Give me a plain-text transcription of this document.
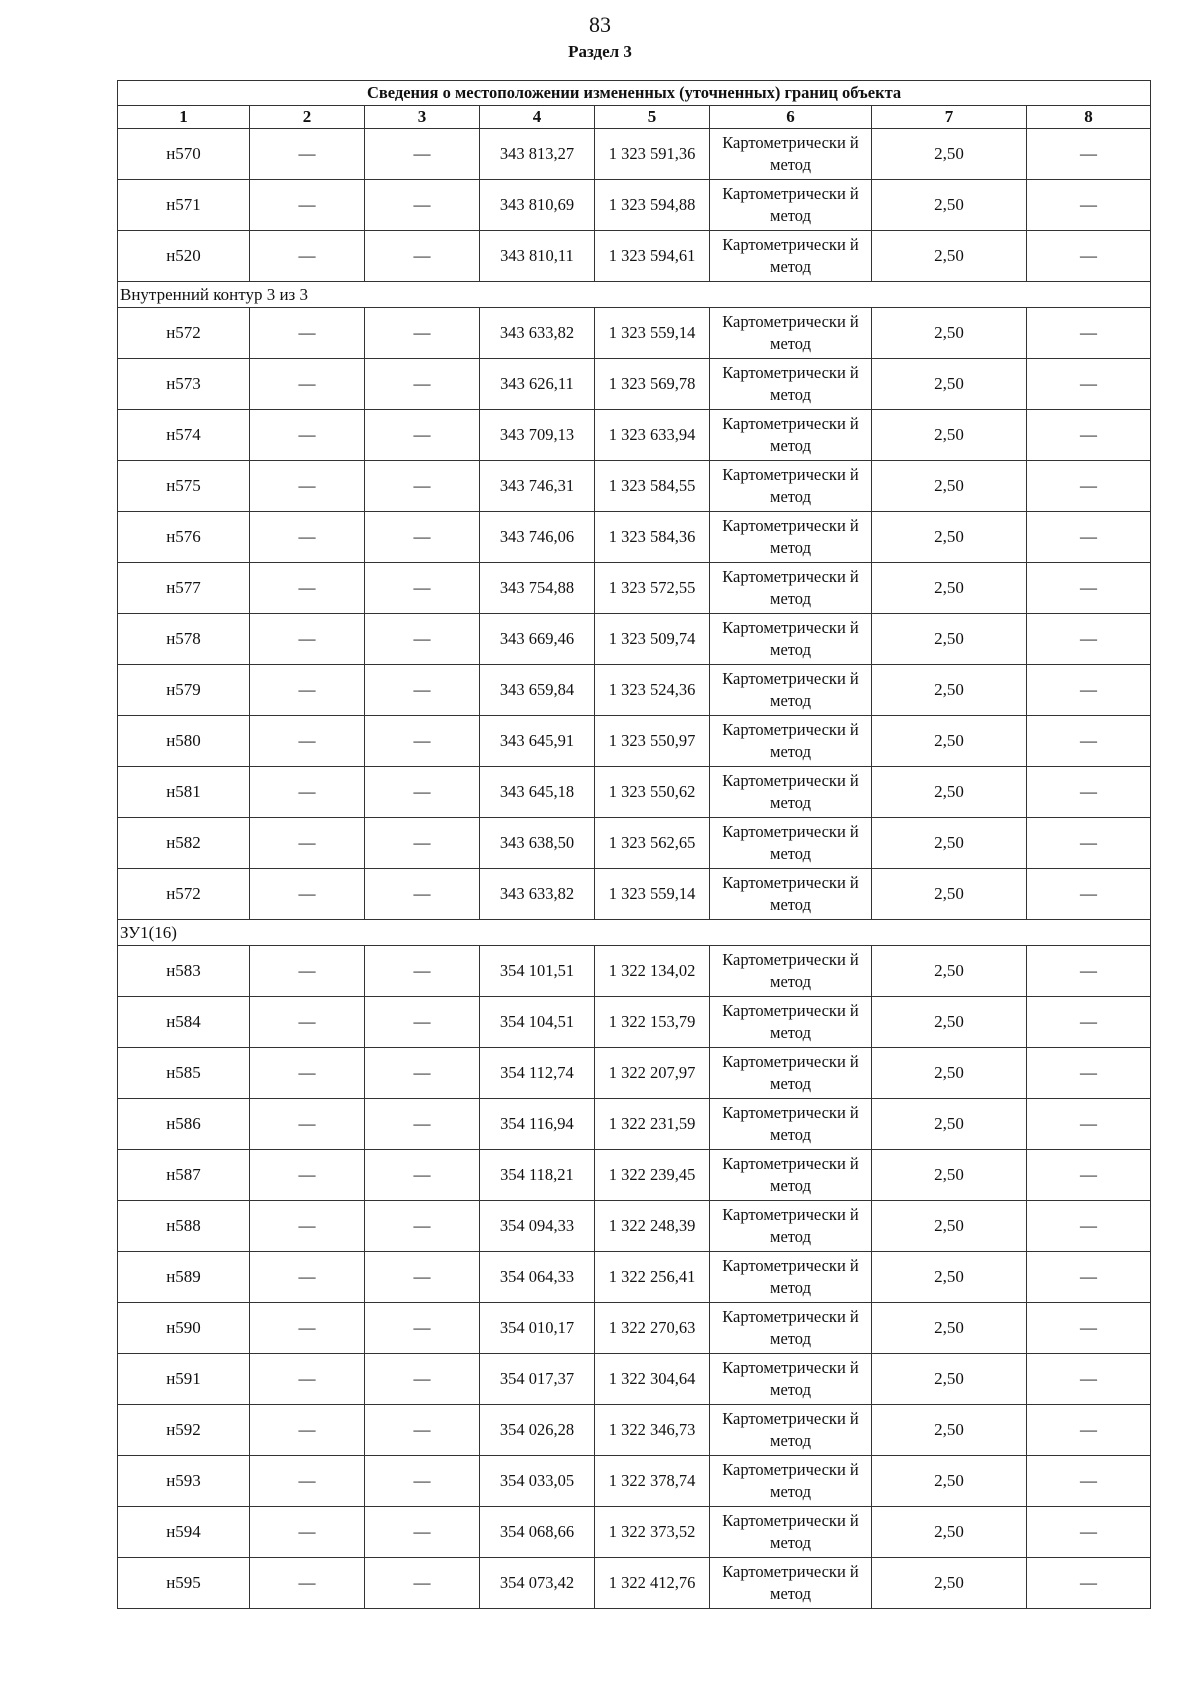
83
Раздел 3
Сведения о местоположении измененных (уточненных) границ объекта							
1	2	3	4	5	6	7	8
н570	—	—	343 813,27	1 323 591,36	Картометрически й метод	2,50	—
н571	—	—	343 810,69	1 323 594,88	Картометрически й метод	2,50	—
н520	—	—	343 810,11	1 323 594,61	Картометрически й метод	2,50	—
Внутренний контур 3 из 3							
н572	—	—	343 633,82	1 323 559,14	Картометрически й метод	2,50	—
н573	—	—	343 626,11	1 323 569,78	Картометрически й метод	2,50	—
н574	—	—	343 709,13	1 323 633,94	Картометрически й метод	2,50	—
н575	—	—	343 746,31	1 323 584,55	Картометрически й метод	2,50	—
н576	—	—	343 746,06	1 323 584,36	Картометрически й метод	2,50	—
н577	—	—	343 754,88	1 323 572,55	Картометрически й метод	2,50	—
н578	—	—	343 669,46	1 323 509,74	Картометрически й метод	2,50	—
н579	—	—	343 659,84	1 323 524,36	Картометрически й метод	2,50	—
н580	—	—	343 645,91	1 323 550,97	Картометрически й метод	2,50	—
н581	—	—	343 645,18	1 323 550,62	Картометрически й метод	2,50	—
н582	—	—	343 638,50	1 323 562,65	Картометрически й метод	2,50	—
н572	—	—	343 633,82	1 323 559,14	Картометрически й метод	2,50	—
ЗУ1(16)							
н583	—	—	354 101,51	1 322 134,02	Картометрически й метод	2,50	—
н584	—	—	354 104,51	1 322 153,79	Картометрически й метод	2,50	—
н585	—	—	354 112,74	1 322 207,97	Картометрически й метод	2,50	—
н586	—	—	354 116,94	1 322 231,59	Картометрически й метод	2,50	—
н587	—	—	354 118,21	1 322 239,45	Картометрически й метод	2,50	—
н588	—	—	354 094,33	1 322 248,39	Картометрически й метод	2,50	—
н589	—	—	354 064,33	1 322 256,41	Картометрически й метод	2,50	—
н590	—	—	354 010,17	1 322 270,63	Картометрически й метод	2,50	—
н591	—	—	354 017,37	1 322 304,64	Картометрически й метод	2,50	—
н592	—	—	354 026,28	1 322 346,73	Картометрически й метод	2,50	—
н593	—	—	354 033,05	1 322 378,74	Картометрически й метод	2,50	—
н594	—	—	354 068,66	1 322 373,52	Картометрически й метод	2,50	—
н595	—	—	354 073,42	1 322 412,76	Картометрически й метод	2,50	—
